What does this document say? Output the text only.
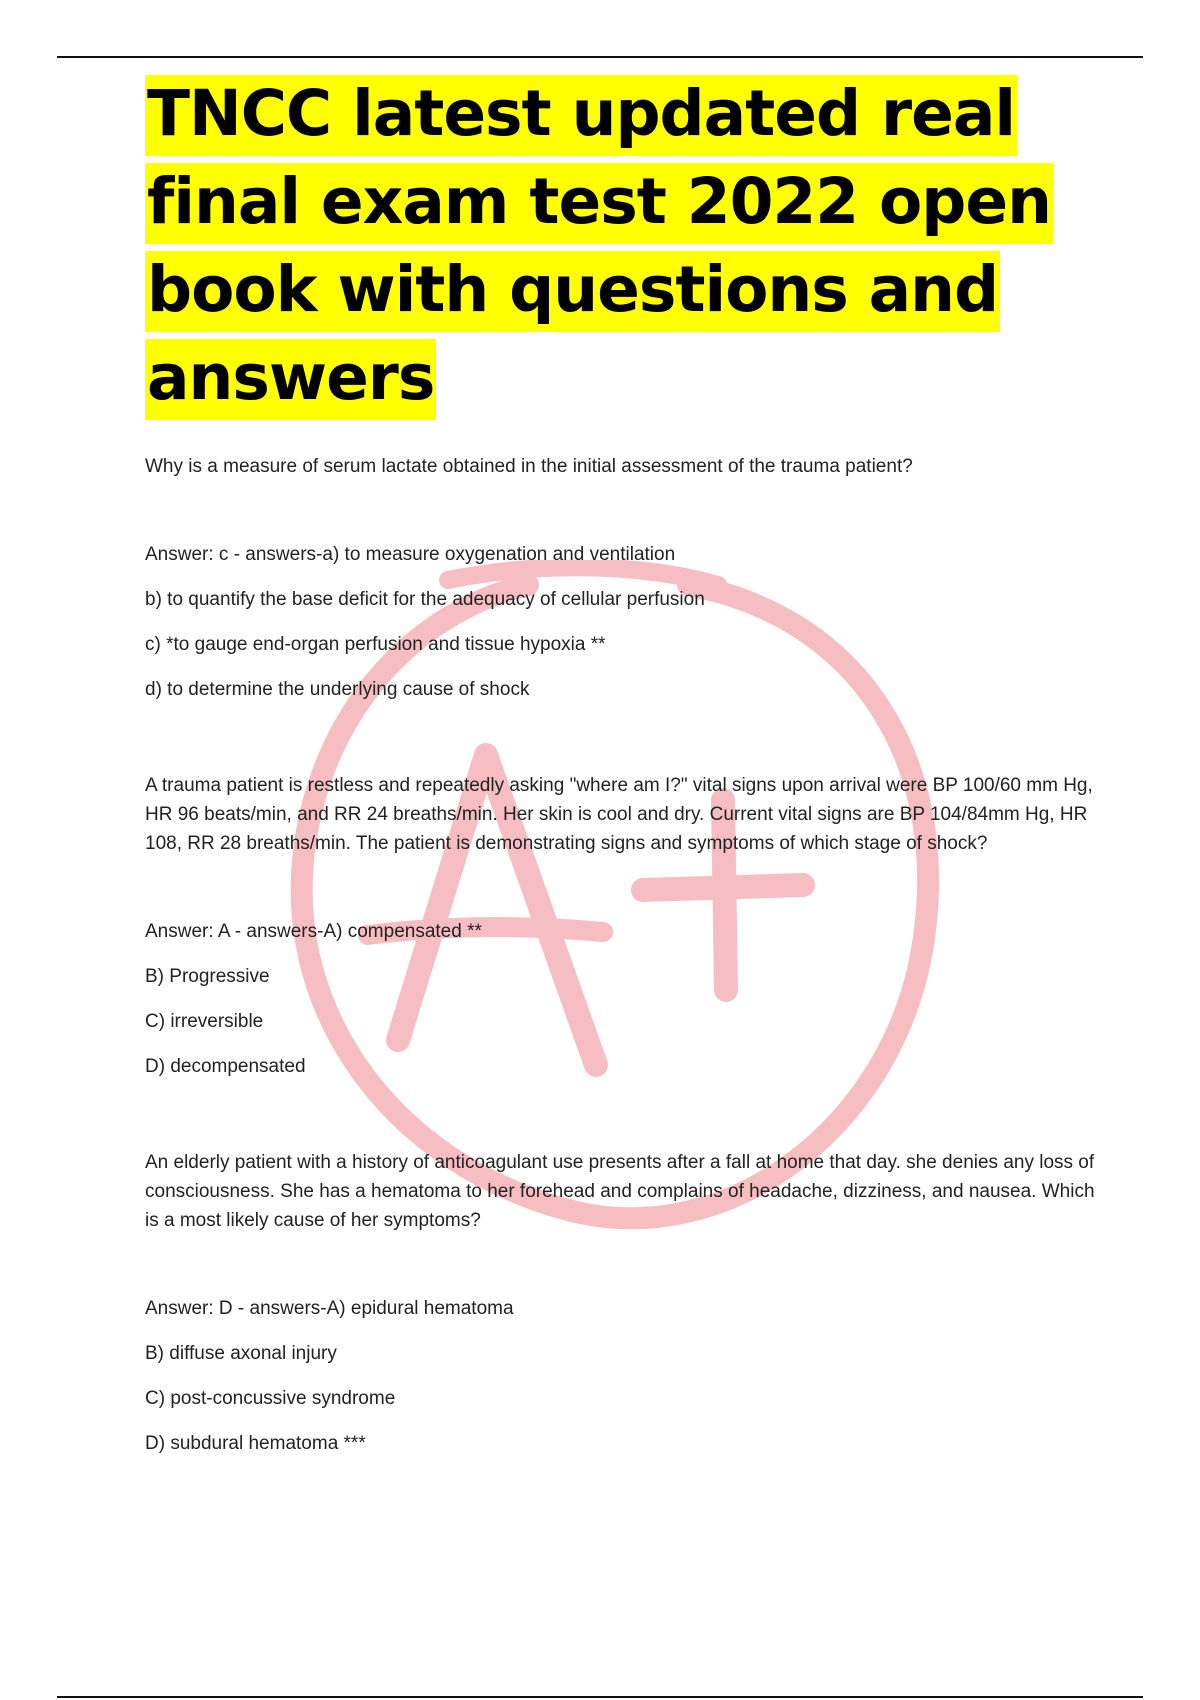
TNCC latest updated real final exam test 2022 open book with questions and answers

Why is a measure of serum lactate obtained in the initial assessment of the trauma patient?

Answer: c - answers-a) to measure oxygenation and ventilation

b) to quantify the base deficit for the adequacy of cellular perfusion

c) *to gauge end-organ perfusion and tissue hypoxia **

d) to determine the underlying cause of shock

A trauma patient is restless and repeatedly asking "where am I?" vital signs upon arrival were BP 100/60 mm Hg, HR 96 beats/min, and RR 24 breaths/min. Her skin is cool and dry. Current vital signs are BP 104/84mm Hg, HR 108, RR 28 breaths/min. The patient is demonstrating signs and symptoms of which stage of shock?

Answer: A - answers-A) compensated **

B) Progressive

C) irreversible

D) decompensated

An elderly patient with a history of anticoagulant use presents after a fall at home that day. she denies any loss of consciousness. She has a hematoma to her forehead and complains of headache, dizziness, and nausea. Which is a most likely cause of her symptoms?

Answer: D - answers-A) epidural hematoma

B) diffuse axonal injury

C) post-concussive syndrome

D) subdural hematoma ***
